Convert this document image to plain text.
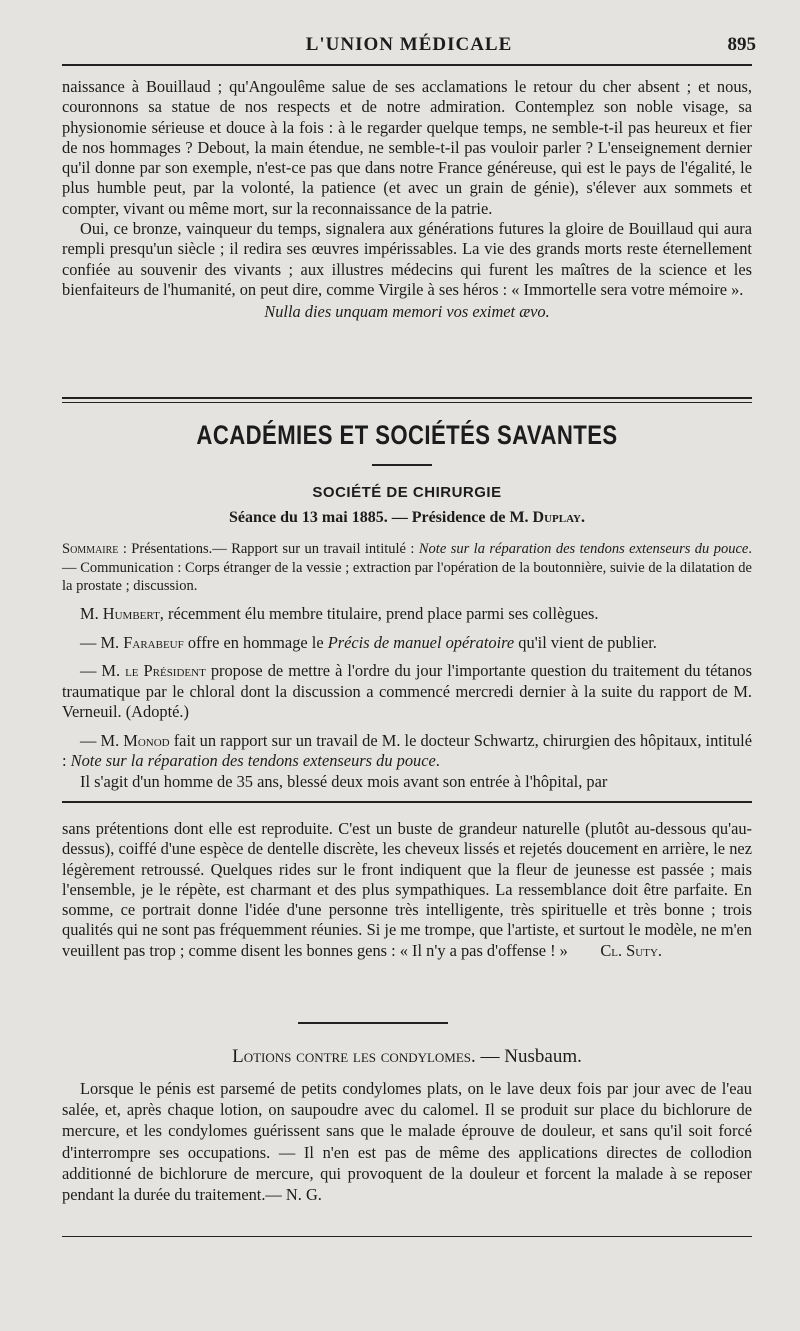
L'UNION MÉDICALE	895

naissance à Bouillaud ; qu'Angoulême salue de ses acclamations le retour du cher absent ; et nous, couronnons sa statue de nos respects et de notre admiration. Contemplez son noble visage, sa physionomie sérieuse et douce à la fois : à le regarder quelque temps, ne semble-t-il pas heureux et fier de nos hommages ? Debout, la main étendue, ne semble-t-il pas vouloir parler ? L'enseignement dernier qu'il donne par son exemple, n'est-ce pas que dans notre France généreuse, qui est le pays de l'égalité, le plus humble peut, par la volonté, la patience (et avec un grain de génie), s'élever aux sommets et compter, vivant ou même mort, sur la reconnaissance de la patrie.

Oui, ce bronze, vainqueur du temps, signalera aux générations futures la gloire de Bouillaud qui aura rempli presqu'un siècle ; il redira ses œuvres impérissables. La vie des grands morts reste éternellement confiée au souvenir des vivants ; aux illustres médecins qui furent les maîtres de la science et les bienfaiteurs de l'humanité, on peut dire, comme Virgile à ses héros : « Immortelle sera votre mémoire ».

Nulla dies unquam memori vos eximet ævo.

ACADÉMIES ET SOCIÉTÉS SAVANTES
SOCIÉTÉ DE CHIRURGIE
Séance du 13 mai 1885. — Présidence de M. Duplay.
Sommaire : Présentations.— Rapport sur un travail intitulé : Note sur la réparation des tendons extenseurs du pouce. — Communication : Corps étranger de la vessie ; extraction par l'opération de la boutonnière, suivie de la dilatation de la prostate ; discussion.

M. Humbert, récemment élu membre titulaire, prend place parmi ses collègues.

— M. Farabeuf offre en hommage le Précis de manuel opératoire qu'il vient de publier.

— M. le Président propose de mettre à l'ordre du jour l'importante question du traitement du tétanos traumatique par le chloral dont la discussion a commencé mercredi dernier à la suite du rapport de M. Verneuil. (Adopté.)

— M. Monod fait un rapport sur un travail de M. le docteur Schwartz, chirurgien des hôpitaux, intitulé : Note sur la réparation des tendons extenseurs du pouce.

Il s'agit d'un homme de 35 ans, blessé deux mois avant son entrée à l'hôpital, par

sans prétentions dont elle est reproduite. C'est un buste de grandeur naturelle (plutôt au-dessous qu'au-dessus), coiffé d'une espèce de dentelle discrète, les cheveux lissés et rejetés doucement en arrière, le nez légèrement retroussé. Quelques rides sur le front indiquent que la fleur de jeunesse est passée ; mais l'ensemble, je le répète, est charmant et des plus sympathiques. La ressemblance doit être parfaite. En somme, ce portrait donne l'idée d'une personne très intelligente, très spirituelle et très bonne ; trois qualités qui ne sont pas fréquemment réunies. Si je me trompe, que l'artiste, et surtout le modèle, ne m'en veuillent pas trop ; comme disent les bonnes gens : « Il n'y a pas d'offense ! »	Cl. Suty.

Lotions contre les condylomes. — Nusbaum.

Lorsque le pénis est parsemé de petits condylomes plats, on le lave deux fois par jour avec de l'eau salée, et, après chaque lotion, on saupoudre avec du calomel. Il se produit sur place du bichlorure de mercure, et les condylomes guérissent sans que le malade éprouve de douleur, et sans qu'il soit forcé d'interrompre ses occupations. — Il n'en est pas de même des applications directes de collodion additionné de bichlorure de mercure, qui provoquent de la douleur et forcent la malade à se reposer pendant la durée du traitement.— N. G.
